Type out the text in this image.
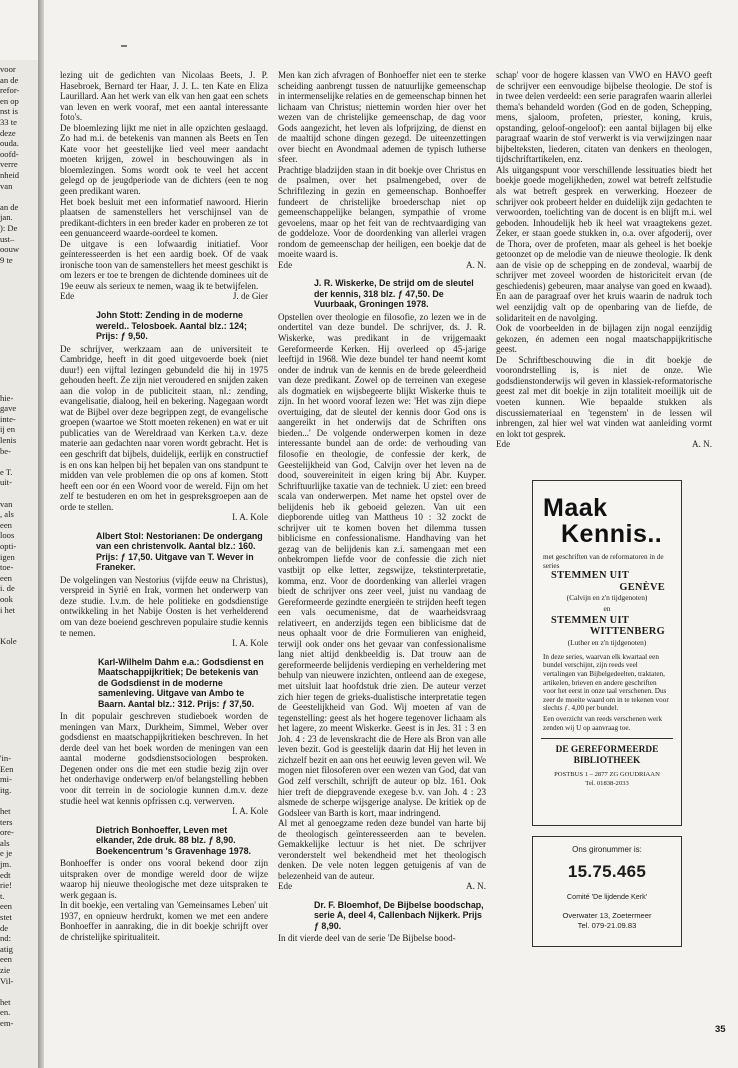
voor
an de
refor-
en op
nst is
33 te
deze
ouda.
oofd-
verre
nheid
van
an de
jan.
): De
ust–
oouw
9 te
hie-
gave
inte-
ij en
lenis
be-
e T.
uit-
van
, als
een
loos
opti-
igen
toe-
een
i. de
ook
i het
Kole
'in-
Een
mi-
itg.
het
ters
ore-
als
e je
jm.
edt
rie!
t.
een
stet
de
nd:
atig
een
zie
Vil-
het
en.
em-

lezing uit de gedichten van Nicolaas Beets, J. P. Hasebroek, Bernard ter Haar, J. J. L. ten Kate en Eliza Laurillard. Aan het werk van elk van hen gaat een schets van leven en werk vooraf, met een aantal interessante foto's.

De bloemlezing lijkt me niet in alle opzichten geslaagd. Zo had m.i. de betekenis van mannen als Beets en Ten Kate voor het geestelijke lied veel meer aandacht moeten krijgen, zowel in beschouwingen als in bloemlezingen. Soms wordt ook te veel het accent gelegd op de jeugdperiode van de dichters (een te nog geen predikant waren.

Het boek besluit met een informatief nawoord. Hierin plaatsen de samenstellers het verschijnsel van de predikant-dichters in een breder kader en proberen ze tot een genuanceerd waarde-oordeel te komen.

De uitgave is een lofwaardig initiatief. Voor geïnteresseerden is het een aardig boek. Of de vaak ironische toon van de samenstellers het meest geschikt is om lezers er toe te brengen de dichtende dominees uit de 19e eeuw als serieux te nemen, waag ik te betwijfelen.

Ede	J. de Gier
John Stott: Zending in de moderne wereld.. Telosboek. Aantal blz.: 124; Prijs: ƒ 9,50.

De schrijver, werkzaam aan de universiteit te Cambridge, heeft in dit goed uitgevoerde boek (niet duur!) een vijftal lezingen gebundeld die hij in 1975 gehouden heeft. Ze zijn niet veroudered en snijden zaken aan die volop in de publiciteit staan, nl.: zending, evangelisatie, dialoog, heil en bekering. Nagegaan wordt wat de Bijbel over deze begrippen zegt, de evangelische groepen (waartoe we Stott moeten rekenen) en wat er uit publicaties van de Wereldraad van Kerken t.a.v. deze materie aan gedachten naar voren wordt gebracht. Het is een geschrift dat bijbels, duidelijk, eerlijk en constructief is en ons kan helpen bij het bepalen van ons standpunt te midden van vele problemen die op ons af komen. Stott heeft een oor én een Woord voor de wereld. Fijn om het zelf te bestuderen en om het in gespreksgroepen aan de orde te stellen.

I. A. Kole
Albert Stol: Nestorianen: De ondergang van een christenvolk. Aantal blz.: 160. Prijs: ƒ 17,50. Uitgave van T. Wever in Franeker.

De volgelingen van Nestorius (vijfde eeuw na Christus), verspreid in Syrië en Irak, vormen het onderwerp van deze studie. I.v.m. de hele politieke en godsdienstige ontwikkeling in het Nabije Oosten is het verhelderend om van deze boeiend geschreven populaire studie kennis te nemen.

I. A. Kole
Karl-Wilhelm Dahm e.a.: Godsdienst en Maatschappijkritiek; De betekenis van de Godsdienst in de moderne samenleving. Uitgave van Ambo te Baarn. Aantal blz.: 312. Prijs: ƒ 37,50.

In dit populair geschreven studieboek worden de meningen van Marx, Durkheim, Simmel, Weber over godsdienst en maatschappijkritieken beschreven. In het derde deel van het boek worden de meningen van een aantal moderne godsdienstsociologen besproken. Degenen onder ons die met een studie bezig zijn over het onderhavige onderwerp en/of belangstelling hebben voor dit terrein in de sociologie kunnen d.m.v. deze studie heel wat kennis opfrissen c.q. verwerven.

I. A. Kole
Dietrich Bonhoeffer, Leven met elkander, 2de druk. 88 blz. ƒ 8,90. Boekencentrum 's Gravenhage 1978.

Bonhoeffer is onder ons vooral bekend door zijn uitspraken over de mondige wereld door de wijze waarop hij nieuwe theologische met deze uitspraken te werk gegaan is.

In dit boekje, een vertaling van 'Gemeinsames Leben' uit 1937, en opnieuw herdrukt, komen we met een andere Bonhoeffer in aanraking, die in dit boekje schrijft over de christelijke spiritualiteit.

Men kan zich afvragen of Bonhoeffer niet een te sterke scheiding aanbrengt tussen de natuurlijke gemeenschap in intermenselijke relaties en de gemeenschap binnen het lichaam van Christus; niettemin worden hier over het wezen van de christelijke gemeenschap, de dag voor Gods aangezicht, het leven als lofprijzing, de dienst en de maaltijd schone dingen gezegd. De uiteenzettingen over biecht en Avondmaal ademen de typisch lutherse sfeer.

Prachtige bladzijden staan in dit boekje over Christus en de psalmen, over het psalmengebed, over de Schriftlezing in gezin en gemeenschap. Bonhoeffer fundeert de christelijke broederschap niet op gemeenschappelijke belangen, sympathie of vrome gevoelens, maar op het feit van de rechtvaardiging van de goddeloze. Voor de doordenking van allerlei vragen rondom de gemeenschap der heiligen, een boekje dat de moeite waard is.

Ede	A. N.
J. R. Wiskerke, De strijd om de sleutel der kennis, 318 blz. ƒ 47,50. De Vuurbaak, Groningen 1978.

Opstellen over theologie en filosofie, zo lezen we in de ondertitel van deze bundel. De schrijver, ds. J. R. Wiskerke, was predikant in de vrijgemaakt Gereformeerde Kerken. Hij overleed op 45-jarige leeftijd in 1968. Wie deze bundel ter hand neemt komt onder de indruk van de kennis en de brede geleerdheid van deze predikant. Zowel op de terreinen van exegese als dogmatiek en wijsbegeerte blijkt Wiskerke thuis te zijn. In het woord vooraf lezen we: 'Het was zijn diepe overtuiging, dat de sleutel der kennis door God ons is aangereikt in het onderwijs dat de Schriften ons bieden...' De volgende onderwerpen komen in deze interessante bundel aan de orde: de verhouding van filosofie en theologie, de confessie der kerk, de Geestelijkheid van God, Calvijn over het leven na de dood, souvereiniteit in eigen kring bij Abr. Kuyper. Schriftuurlijke taxatie van de techniek. U ziet: een breed scala van onderwerpen. Met name het opstel over de belijdenis heb ik geboeid gelezen. Van uit een diepborende uitleg van Mattheus 10 : 32 zockt de schrijver uit te komen boven het dilemma tussen biblicisme en confessionalisme. Handhaving van het gezag van de belijdenis kan z.i. samengaan met een onbekrompen liefde voor de confessie die zich niet vastbijt op elke letter, zegswijze, tekstinterpretatie, komma, enz. Voor de doordenking van allerlei vragen biedt de schrijver ons zeer veel, juist nu vandaag de Gereformeerde gezindte energieën te strijden heeft tegen een vals oecumenisme, dat de waarheidsvraag relativeert, en anderzijds tegen een biblicisme dat de neus ophaalt voor de drie Formulieren van enigheid, terwijl ook onder ons het gevaar van confessionalisme lang niet altijd denkbeeldig is. Dat trouw aan de gereformeerde belijdenis verdieping en verheldering met behulp van nieuwere inzichten, ontleend aan de exegese, met uitsluit laat hoofdstuk drie zien. De auteur verzet zich hier tegen de grieks-dualistische interpretatie tegen de Geestelijkheid van God. Wij moeten af van de tegenstelling: geest als het hogere tegenover lichaam als het lagere, zo meent Wiskerke. Geest is in Jes. 31 : 3 en Joh. 4 : 23 de levenskracht die de Here als Bron van alle leven bezit. God is geestelijk daarin dat Hij het leven in zichzelf bezit en aan ons het eeuwig leven geven wil. We mogen niet filosoferen over een wezen van God, dat van God zelf verschilt, schrijft de auteur op blz. 161. Ook hier treft de diepgravende exegese b.v. van Joh. 4 : 23 alsmede de scherpe wijsgerige analyse. De kritiek op de Godsleer van Barth is kort, maar indringend.

Al met al genoegzame reden deze bundel van harte bij de theologisch geïnteresseerden aan te bevelen. Gemakkelijke lectuur is het niet. De schrijver veronderstelt wel bekendheid met het theologisch denken. De vele noten leggen getuigenis af van de belezenheid van de auteur.

Ede	A. N.
Dr. F. Bloemhof, De Bijbelse boodschap, serie A, deel 4, Callenbach Nijkerk. Prijs ƒ 8,90.

In dit vierde deel van de serie 'De Bijbelse bood-

schap' voor de hogere klassen van VWO en HAVO geeft de schrijver een eenvoudige bijbelse theologie. De stof is in twee delen verdeeld: een serie paragrafen waarin allerlei thema's behandeld worden (God en de goden, Schepping, mens, sjaloom, profeten, priester, koning, kruis, opstanding, geloof-ongeloof): een aantal bijlagen bij elke paragraaf waarin de stof verwerkt is via verwijzingen naar bijbelteksten, liederen, citaten van denkers en theologen, tijdschriftartikelen, enz.

Als uitgangspunt voor verschillende lessituaties biedt het boekje goede mogelijkheden, zowel wat betreft zelfstudie als wat betreft gesprek en verwerking. Hoezeer de schrijver ook probeert helder en duidelijk zijn gedachten te verwoorden, toelichting van de docent is en blijft m.i. wel geboden. Inhoudelijk heb ik heel wat vraagtekens gezet. Zeker, er staan goede stukken in, o.a. over afgoderij, over de Thora, over de profeten, maar als geheel is het boekje getoonzet op de melodie van de nieuwe theologie. Ik denk aan de visie op de schepping en de zondeval, waarbij de schrijver met zoveel woorden de historiciteit ervan (de geschiedenis) gebeuren, maar analyse van goed en kwaad). En aan de paragraaf over het kruis waarin de nadruk toch wel eenzijdig valt op de openbaring van de liefde, de solidariteit en de navolging.

Ook de voorbeelden in de bijlagen zijn nogal eenzijdig gekozen, én ademen een nogal maatschappijkritische geest.

De Schriftbeschouwing die in dit boekje de voorondrstelling is, is niet de onze. Wie godsdienstonderwijs wil geven in klassiek-reformatorische geest zal met dit boekje in zijn totaliteit moeilijk uit de voeten kunnen. Wie bepaalde stukken als discussiemateriaal en 'tegenstem' in de lessen wil inbrengen, zal hier wel wat vinden wat aanleiding vormt en lokt tot gesprek.

Ede	A. N.
Maak
Kennis..
met geschriften van de reformatoren in de series
STEMMEN UIT
GENÈVE
(Calvijn en z'n tijdgenoten)
en
STEMMEN UIT
WITTENBERG
(Luther en z'n tijdgenoten)
In deze series, waarvan elk kwartaal een bundel verschijnt, zijn reeds veel vertalingen van Bijbelgedeelten, traktaten, artikelen, brieven en andere geschriften voor het eerst in onze taal verschenen. Dus zeer de moeite waard om in te tekenen voor slechts ƒ. 4,00 per bundel.
Een overzicht van reeds verschenen werk zenden wij U op aanvraag toe.
DE GEREFORMEERDE
BIBLIOTHEEK
POSTBUS 1 – 2877 ZG GOUDRIAAN
Tel. 01838-2033
Ons gironummer is:
15.75.465
Comité 'De lijdende Kerk'
Overwater 13, Zoetermeer
Tel. 079-21.09.83
35
